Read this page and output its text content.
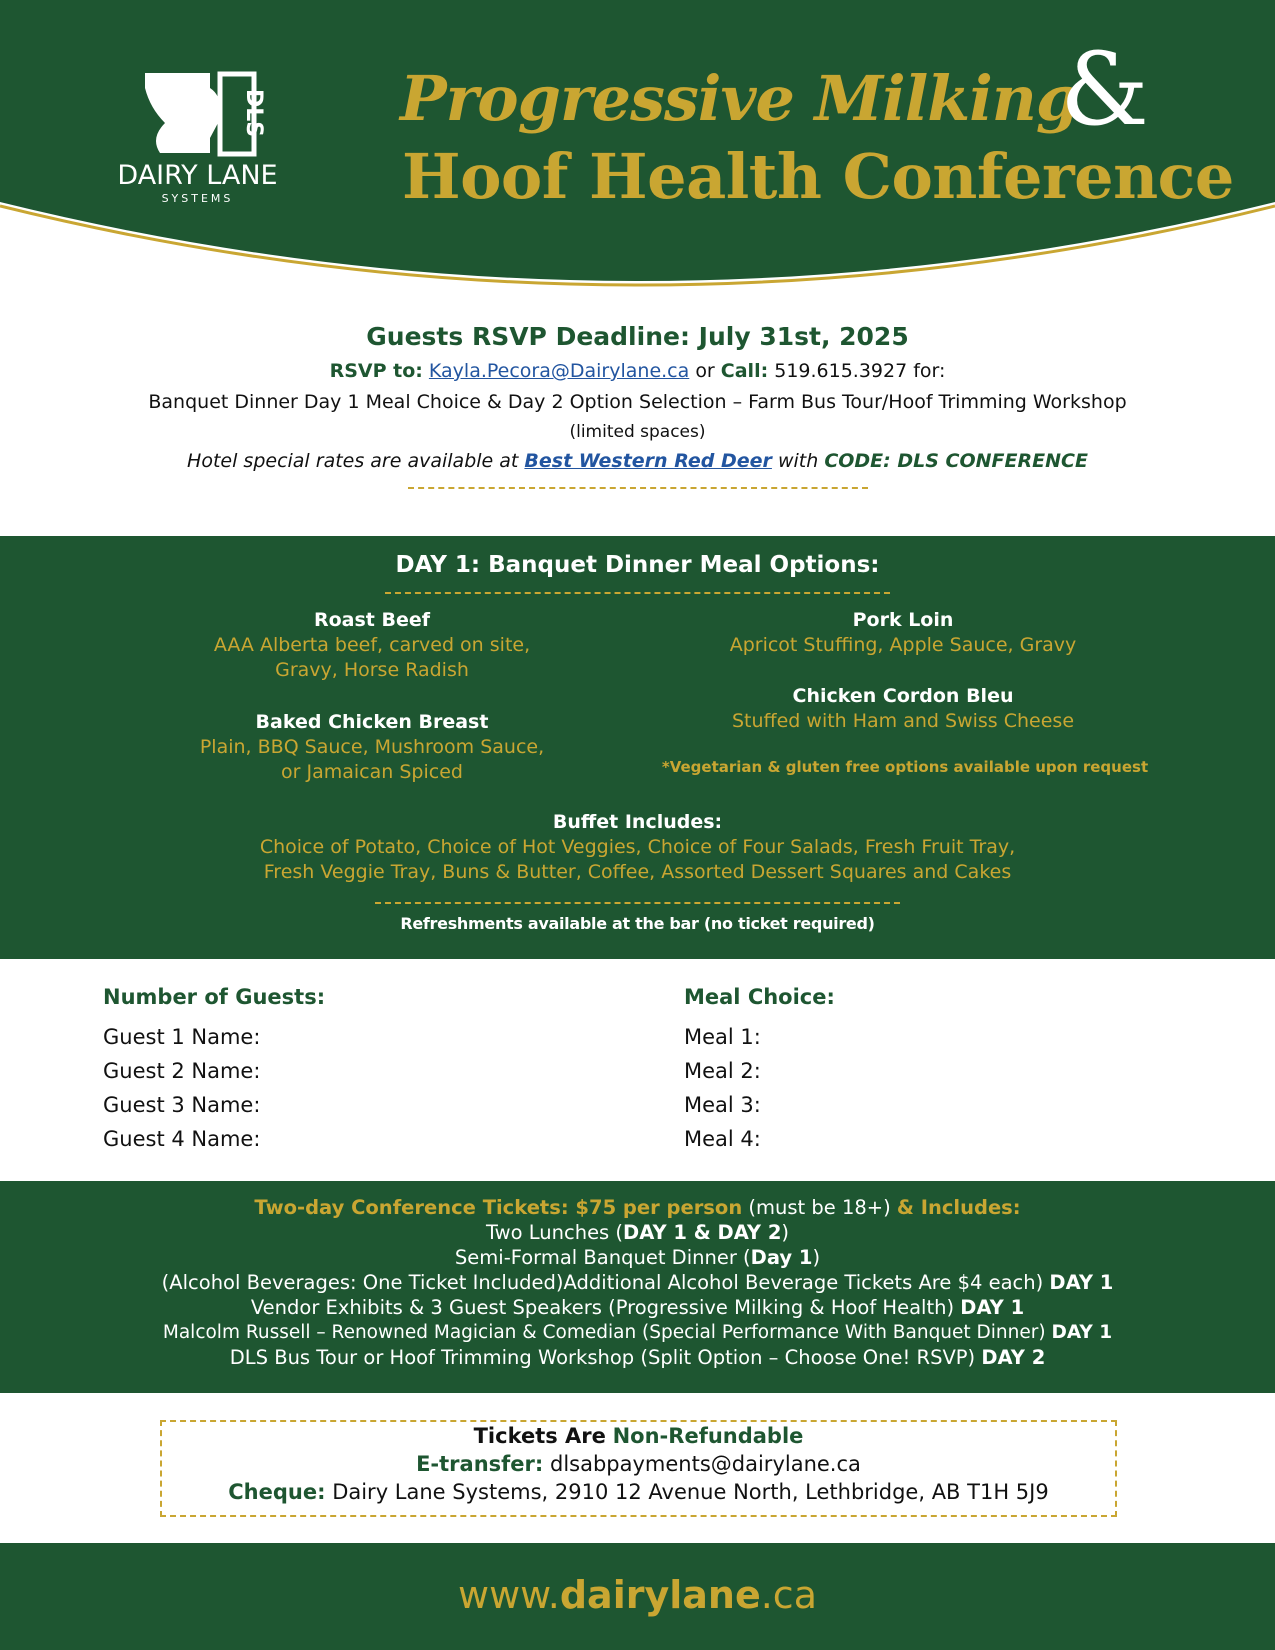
DLS
DAIRY LANE
SYSTEMS
Progressive Milking
&
Hoof Health Conference

Guests RSVP Deadline: July 31st, 2025

RSVP to: Kayla.Pecora@Dairylane.ca or Call: 519.615.3927 for:

Banquet Dinner Day 1 Meal Choice & Day 2 Option Selection – Farm Bus Tour/Hoof Trimming Workshop

(limited spaces)

Hotel special rates are available at Best Western Red Deer with CODE: DLS CONFERENCE

DAY 1: Banquet Dinner Meal Options:
Roast Beef
AAA Alberta beef, carved on site,
Gravy, Horse Radish
Pork Loin
Apricot Stuffing, Apple Sauce, Gravy
Baked Chicken Breast
Plain, BBQ Sauce, Mushroom Sauce,
or Jamaican Spiced
Chicken Cordon Bleu
Stuffed with Ham and Swiss Cheese
*Vegetarian & gluten free options available upon request
Buffet Includes:
Choice of Potato, Choice of Hot Veggies, Choice of Four Salads, Fresh Fruit Tray,
Fresh Veggie Tray, Buns & Butter, Coffee, Assorted Dessert Squares and Cakes
Refreshments available at the bar (no ticket required)
Number of Guests:
Guest 1 Name:
Guest 2 Name:
Guest 3 Name:
Guest 4 Name:
Meal Choice:
Meal 1:
Meal 2:
Meal 3:
Meal 4:
Two-day Conference Tickets: $75 per person (must be 18+) & Includes:
Two Lunches (DAY 1 & DAY 2)
Semi-Formal Banquet Dinner (Day 1)
(Alcohol Beverages: One Ticket Included)Additional Alcohol Beverage Tickets Are $4 each) DAY 1
Vendor Exhibits & 3 Guest Speakers (Progressive Milking & Hoof Health) DAY 1
Malcolm Russell – Renowned Magician & Comedian (Special Performance With Banquet Dinner) DAY 1
DLS Bus Tour or Hoof Trimming Workshop (Split Option – Choose One! RSVP) DAY 2
Tickets Are Non-Refundable
E-transfer: dlsabpayments@dairylane.ca
Cheque: Dairy Lane Systems, 2910 12 Avenue North, Lethbridge, AB T1H 5J9
www.dairylane.ca
